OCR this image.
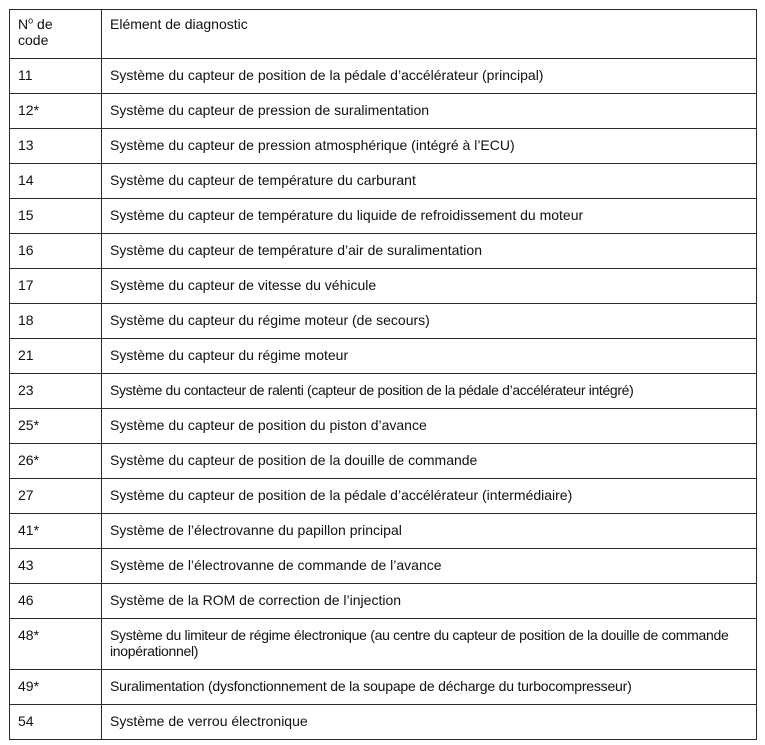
$N^o$ de
code	Elément de diagnostic
11	Système du capteur de position de la pédale d’accélérateur (principal)
12*	Système du capteur de pression de suralimentation
13	Système du capteur de pression atmosphérique (intégré à l’ECU)
14	Système du capteur de température du carburant
15	Système du capteur de température du liquide de refroidissement du moteur
16	Système du capteur de température d’air de suralimentation
17	Système du capteur de vitesse du véhicule
18	Système du capteur du régime moteur (de secours)
21	Système du capteur du régime moteur
23	Système du contacteur de ralenti (capteur de position de la pédale d’accélérateur intégré)
25*	Système du capteur de position du piston d’avance
26*	Système du capteur de position de la douille de commande
27	Système du capteur de position de la pédale d’accélérateur (intermédiaire)
41*	Système de l’électrovanne du papillon principal
43	Système de l’électrovanne de commande de l’avance
46	Système de la ROM de correction de l’injection
48*	Système du limiteur de régime électronique (au centre du capteur de position de la douille de commande inopérationnel)
49*	Suralimentation (dysfonctionnement de la soupape de décharge du turbocompresseur)
54	Système de verrou électronique
